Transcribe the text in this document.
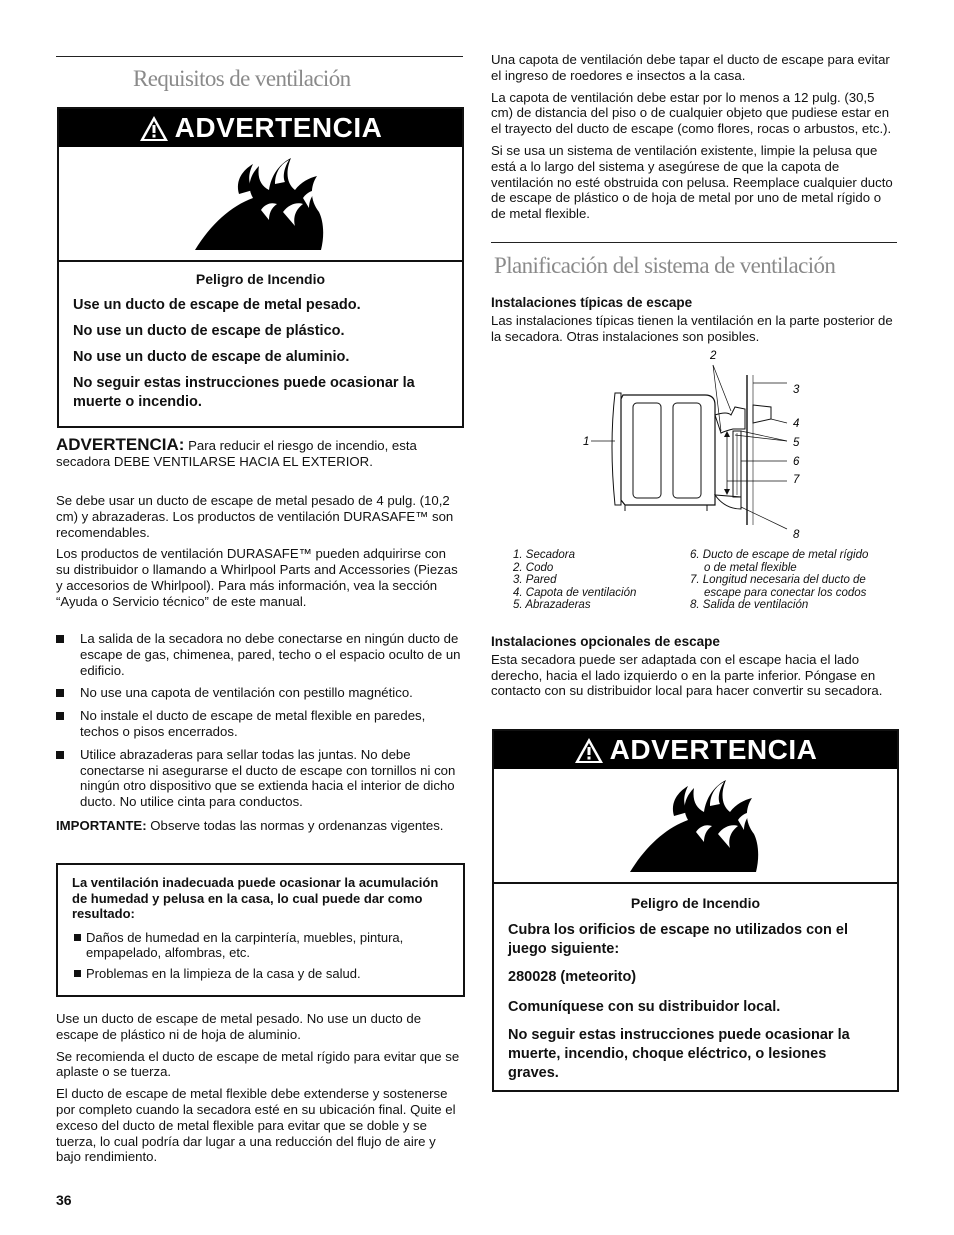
Requisitos de ventilación
ADVERTENCIA

Peligro de Incendio

Use un ducto de escape de metal pesado.

No use un ducto de escape de plástico.

No use un ducto de escape de aluminio.

No seguir estas instrucciones puede ocasionar la muerte o incendio.

ADVERTENCIA: Para reducir el riesgo de incendio, esta secadora DEBE VENTILARSE HACIA EL EXTERIOR.

Se debe usar un ducto de escape de metal pesado de 4 pulg. (10,2 cm) y abrazaderas. Los productos de ventilación DURASAFE™ son recomendables.

Los productos de ventilación DURASAFE™ pueden adquirirse con su distribuidor o llamando a Whirlpool Parts and Accessories (Piezas y accesorios de Whirlpool). Para más información, vea la sección “Ayuda o Servicio técnico” de este manual.

La salida de la secadora no debe conectarse en ningún ducto de escape de gas, chimenea, pared, techo o el espacio oculto de un edificio.
No use una capota de ventilación con pestillo magnético.
No instale el ducto de escape de metal flexible en paredes, techos o pisos encerrados.
Utilice abrazaderas para sellar todas las juntas. No debe conectarse ni asegurarse el ducto de escape con tornillos ni con ningún otro dispositivo que se extienda hacia el interior de dicho ducto. No utilice cinta para conductos.

IMPORTANTE: Observe todas las normas y ordenanzas vigentes.

La ventilación inadecuada puede ocasionar la acumulación de humedad y pelusa en la casa, lo cual puede dar como resultado:

Daños de humedad en la carpintería, muebles, pintura, empapelado, alfombras, etc.
Problemas en la limpieza de la casa y de salud.

Use un ducto de escape de metal pesado. No use un ducto de escape de plástico ni de hoja de aluminio.

Se recomienda el ducto de escape de metal rígido para evitar que se aplaste o se tuerza.

El ducto de escape de metal flexible debe extenderse y sostenerse por completo cuando la secadora esté en su ubicación final. Quite el exceso del ducto de metal flexible para evitar que se doble y se tuerza, lo cual podría dar lugar a una reducción del flujo de aire y bajo rendimiento.

36

Una capota de ventilación debe tapar el ducto de escape para evitar el ingreso de roedores e insectos a la casa.

La capota de ventilación debe estar por lo menos a 12 pulg. (30,5 cm) de distancia del piso o de cualquier objeto que pudiese estar en el trayecto del ducto de escape (como flores, rocas o arbustos, etc.).

Si se usa un sistema de ventilación existente, limpie la pelusa que está a lo largo del sistema y asegúrese de que la capota de ventilación no esté obstruida con pelusa. Reemplace cualquier ducto de escape de plástico o de hoja de metal por uno de metal rígido o de metal flexible.

Planificación del sistema de ventilación

Instalaciones típicas de escape

Las instalaciones típicas tienen la ventilación en la parte posterior de la secadora. Otras instalaciones son posibles.

1
2
3
4
5
6
7
8
1. Secadora
2. Codo
3. Pared
4. Capota de ventilación
5. Abrazaderas
6. Ducto de escape de metal rígido
o de metal flexible
7. Longitud necesaria del ducto de
escape para conectar los codos
8. Salida de ventilación

Instalaciones opcionales de escape

Esta secadora puede ser adaptada con el escape hacia el lado derecho, hacia el lado izquierdo o en la parte inferior. Póngase en contacto con su distribuidor local para hacer convertir su secadora.

ADVERTENCIA

Peligro de Incendio

Cubra los orificios de escape no utilizados con el juego siguiente:

280028 (meteorito)

Comuníquese con su distribuidor local.

No seguir estas instrucciones puede ocasionar la muerte, incendio, choque eléctrico, o lesiones graves.
